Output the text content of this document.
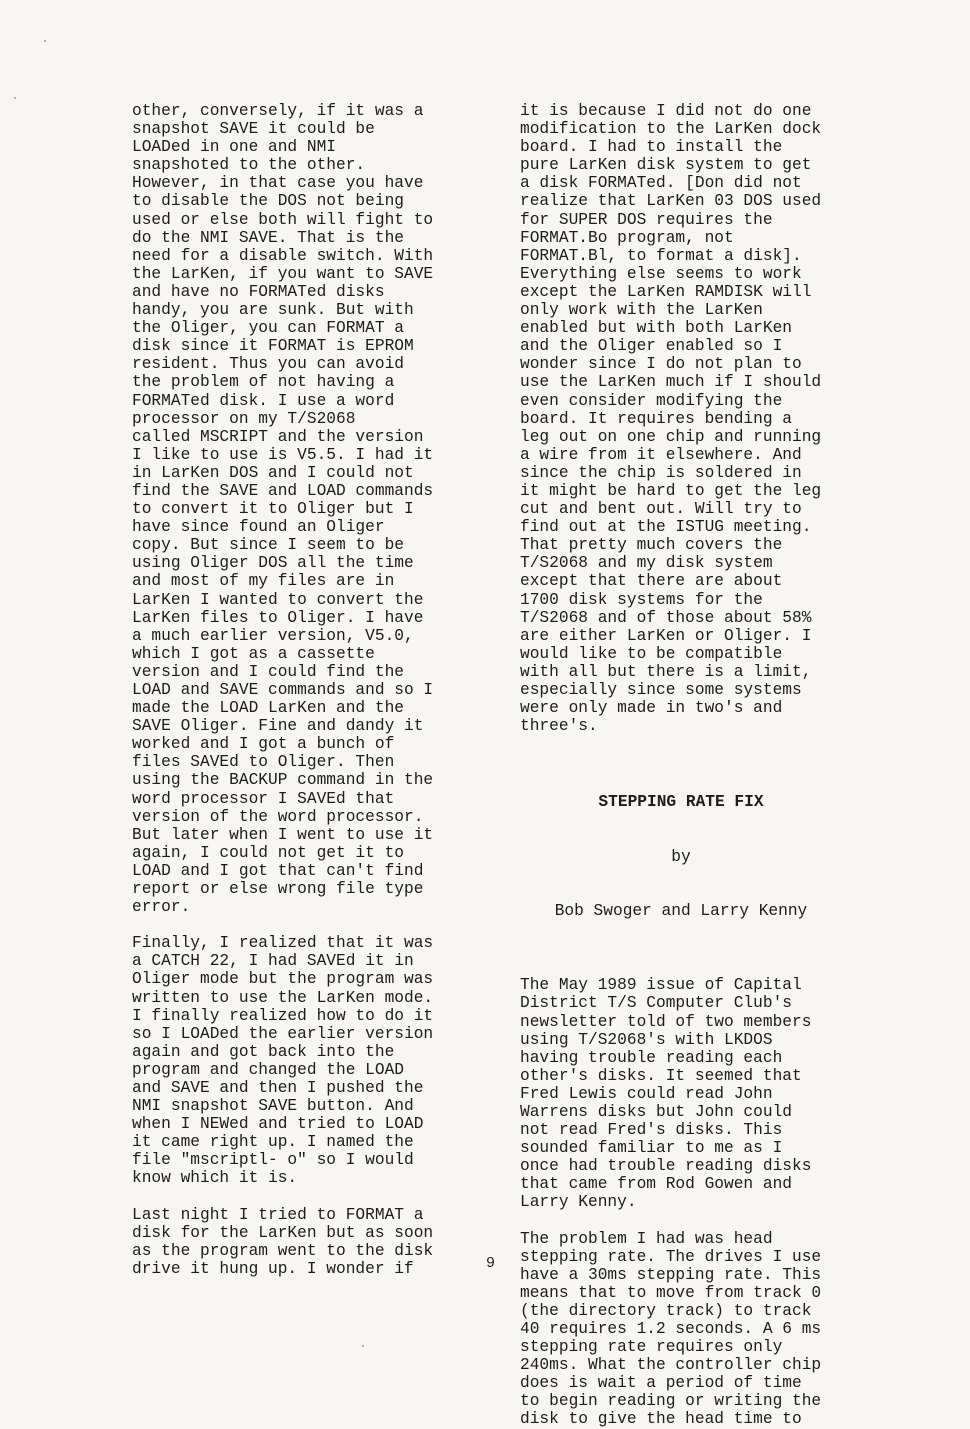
other, conversely, if it was a
snapshot SAVE it could be
LOADed in one and NMI
snapshoted to the other.
However, in that case you have
to disable the DOS not being
used or else both will fight to
do the NMI SAVE. That is the
need for a disable switch. With
the LarKen, if you want to SAVE
and have no FORMATed disks
handy, you are sunk. But with
the Oliger, you can FORMAT a
disk since it FORMAT is EPROM
resident. Thus you can avoid
the problem of not having a
FORMATed disk. I use a word
processor on my T/S2068
called MSCRIPT and the version
I like to use is V5.5. I had it
in LarKen DOS and I could not
find the SAVE and LOAD commands
to convert it to Oliger but I
have since found an Oliger
copy. But since I seem to be
using Oliger DOS all the time
and most of my files are in
LarKen I wanted to convert the
LarKen files to Oliger. I have
a much earlier version, V5.0,
which I got as a cassette
version and I could find the
LOAD and SAVE commands and so I
made the LOAD LarKen and the
SAVE Oliger. Fine and dandy it
worked and I got a bunch of
files SAVEd to Oliger. Then
using the BACKUP command in the
word processor I SAVEd that
version of the word processor.
But later when I went to use it
again, I could not get it to
LOAD and I got that can't find
report or else wrong file type
error.

Finally, I realized that it was
a CATCH 22, I had SAVEd it in
Oliger mode but the program was
written to use the LarKen mode.
I finally realized how to do it
so I LOADed the earlier version
again and got back into the
program and changed the LOAD
and SAVE and then I pushed the
NMI snapshot SAVE button. And
when I NEWed and tried to LOAD
it came right up. I named the
file "mscriptl- o" so I would
know which it is.

Last night I tried to FORMAT a
disk for the LarKen but as soon
as the program went to the disk
drive it hung up. I wonder if

it is because I did not do one
modification to the LarKen dock
board. I had to install the
pure LarKen disk system to get
a disk FORMATed. [Don did not
realize that LarKen 03 DOS used
for SUPER DOS requires the
FORMAT.Bo program, not
FORMAT.Bl, to format a disk].
Everything else seems to work
except the LarKen RAMDISK will
only work with the LarKen
enabled but with both LarKen
and the Oliger enabled so I
wonder since I do not plan to
use the LarKen much if I should
even consider modifying the
board. It requires bending a
leg out on one chip and running
a wire from it elsewhere. And
since the chip is soldered in
it might be hard to get the leg
cut and bent out. Will try to
find out at the ISTUG meeting.
That pretty much covers the
T/S2068 and my disk system
except that there are about
1700 disk systems for the
T/S2068 and of those about 58%
are either LarKen or Oliger. I
would like to be compatible
with all but there is a limit,
especially since some systems
were only made in two's and
three's.

STEPPING RATE FIX

by

Bob Swoger and Larry Kenny

The May 1989 issue of Capital
District T/S Computer Club's
newsletter told of two members
using T/S2068's with LKDOS
having trouble reading each
other's disks. It seemed that
Fred Lewis could read John
Warrens disks but John could
not read Fred's disks. This
sounded familiar to me as I
once had trouble reading disks
that came from Rod Gowen and
Larry Kenny.

The problem I had was head
stepping rate. The drives I use
have a 30ms stepping rate. This
means that to move from track 0
(the directory track) to track
40 requires 1.2 seconds. A 6 ms
stepping rate requires only
240ms. What the controller chip
does is wait a period of time
to begin reading or writing the
disk to give the head time to

9
